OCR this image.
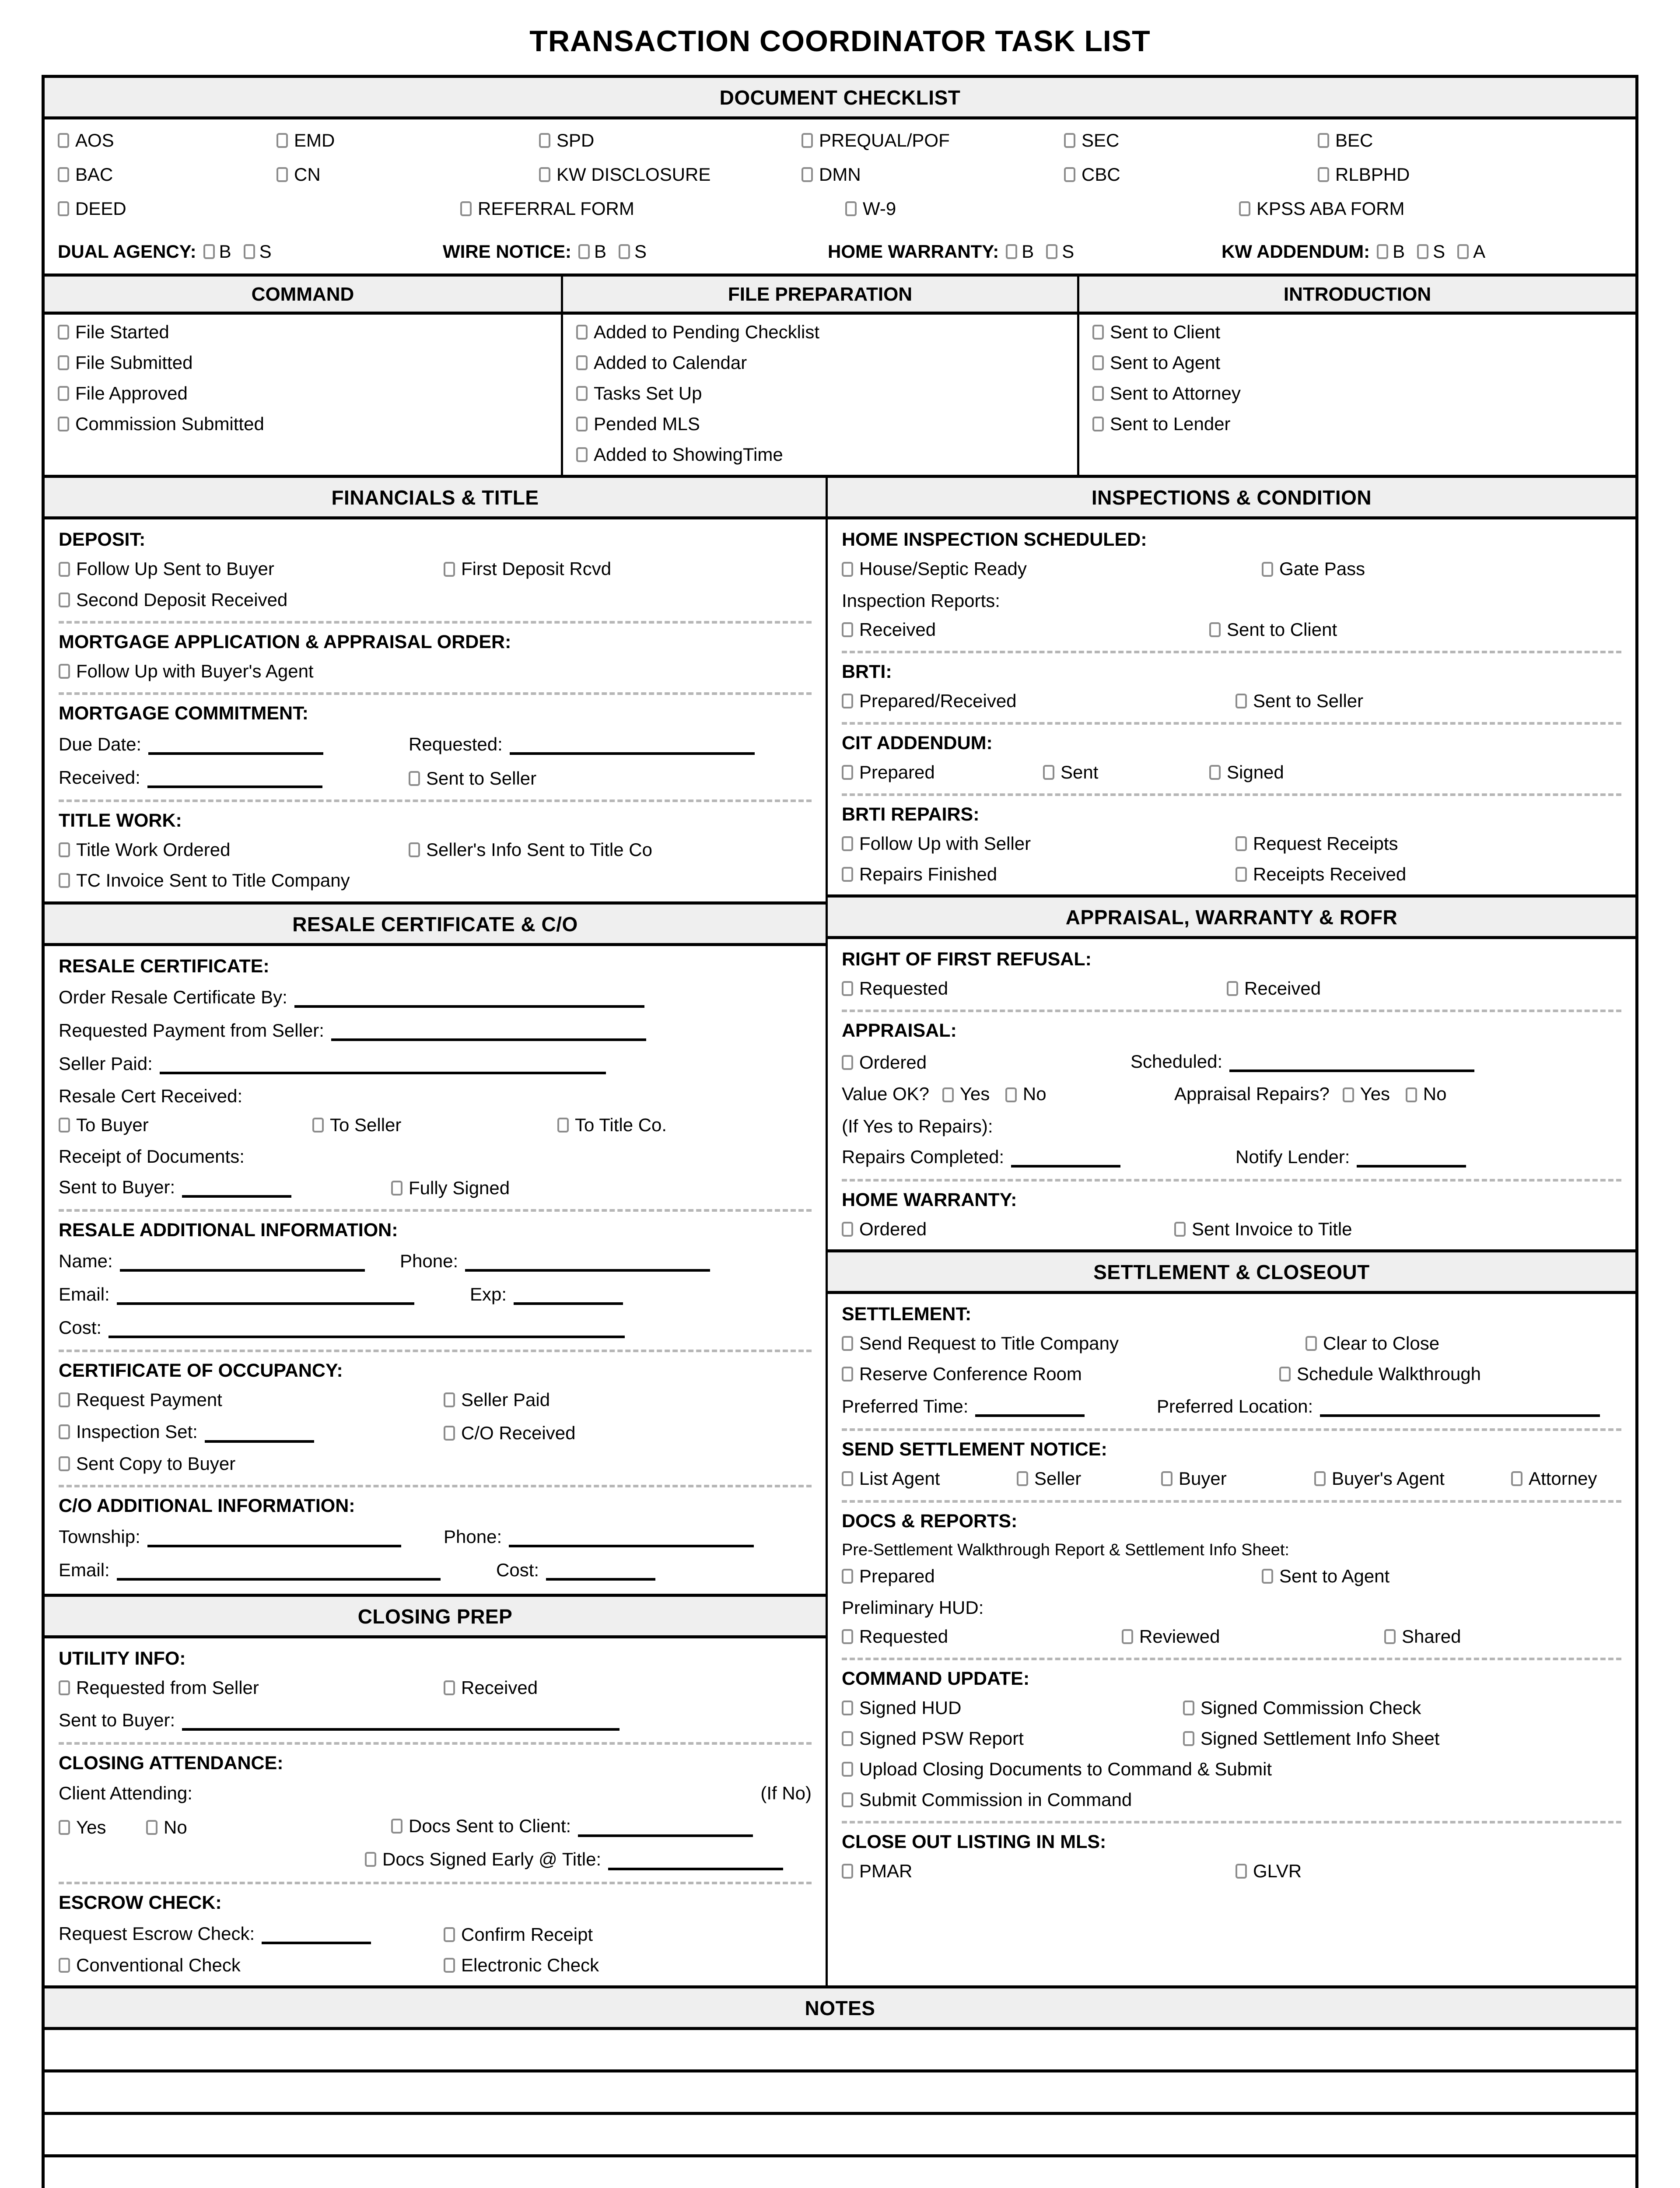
TRANSACTION COORDINATOR TASK LIST
DOCUMENT CHECKLIST
AOS	EMD	SPD	PREQUAL/POF	SEC	BEC
BAC	CN	KW DISCLOSURE	DMN	CBC	RLBPHD
DEED	REFERRAL FORM	W-9	KPSS ABA FORM
DUAL AGENCY: B S	WIRE NOTICE: B S	HOME WARRANTY: B S	KW ADDENDUM: B S A
COMMAND
File Started
File Submitted
File Approved
Commission Submitted
FILE PREPARATION
Added to Pending Checklist
Added to Calendar
Tasks Set Up
Pended MLS
Added to ShowingTime
INTRODUCTION
Sent to Client
Sent to Agent
Sent to Attorney
Sent to Lender
FINANCIALS & TITLE
DEPOSIT:
Follow Up Sent to Buyer	First Deposit Rcvd
Second Deposit Received
MORTGAGE APPLICATION & APPRAISAL ORDER:
Follow Up with Buyer's Agent
MORTGAGE COMMITMENT:
Due Date:	Requested:
Received:	Sent to Seller
TITLE WORK:
Title Work Ordered	Seller's Info Sent to Title Co
TC Invoice Sent to Title Company
RESALE CERTIFICATE & C/O
RESALE CERTIFICATE:
Order Resale Certificate By:
Requested Payment from Seller:
Seller Paid:
Resale Cert Received:
To Buyer	To Seller	To Title Co.
Receipt of Documents:
Sent to Buyer:	Fully Signed
RESALE ADDITIONAL INFORMATION:
Name:	Phone:
Email:	Exp:
Cost:
CERTIFICATE OF OCCUPANCY:
Request Payment	Seller Paid
Inspection Set:	C/O Received
Sent Copy to Buyer
C/O ADDITIONAL INFORMATION:
Township:	Phone:
Email:	Cost:
CLOSING PREP
UTILITY INFO:
Requested from Seller	Received
Sent to Buyer:
CLOSING ATTENDANCE:
Client Attending:	(If No)
Yes	No	Docs Sent to Client:
Docs Signed Early @ Title:
ESCROW CHECK:
Request Escrow Check:	Confirm Receipt
Conventional Check	Electronic Check
INSPECTIONS & CONDITION
HOME INSPECTION SCHEDULED:
House/Septic Ready	Gate Pass
Inspection Reports:
Received	Sent to Client
BRTI:
Prepared/Received	Sent to Seller
CIT ADDENDUM:
Prepared	Sent	Signed
BRTI REPAIRS:
Follow Up with Seller	Request Receipts
Repairs Finished	Receipts Received
APPRAISAL, WARRANTY & ROFR
RIGHT OF FIRST REFUSAL:
Requested	Received
APPRAISAL:
Ordered	Scheduled:
Value OK? Yes No	Appraisal Repairs? Yes No
(If Yes to Repairs):
Repairs Completed:	Notify Lender:
HOME WARRANTY:
Ordered	Sent Invoice to Title
SETTLEMENT & CLOSEOUT
SETTLEMENT:
Send Request to Title Company	Clear to Close
Reserve Conference Room	Schedule Walkthrough
Preferred Time:	Preferred Location:
SEND SETTLEMENT NOTICE:
List Agent	Seller	Buyer	Buyer's Agent	Attorney
DOCS & REPORTS:
Pre-Settlement Walkthrough Report & Settlement Info Sheet:
Prepared	Sent to Agent
Preliminary HUD:
Requested	Reviewed	Shared
COMMAND UPDATE:
Signed HUD	Signed Commission Check
Signed PSW Report	Signed Settlement Info Sheet
Upload Closing Documents to Command & Submit
Submit Commission in Command
CLOSE OUT LISTING IN MLS:
PMAR	GLVR
NOTES
